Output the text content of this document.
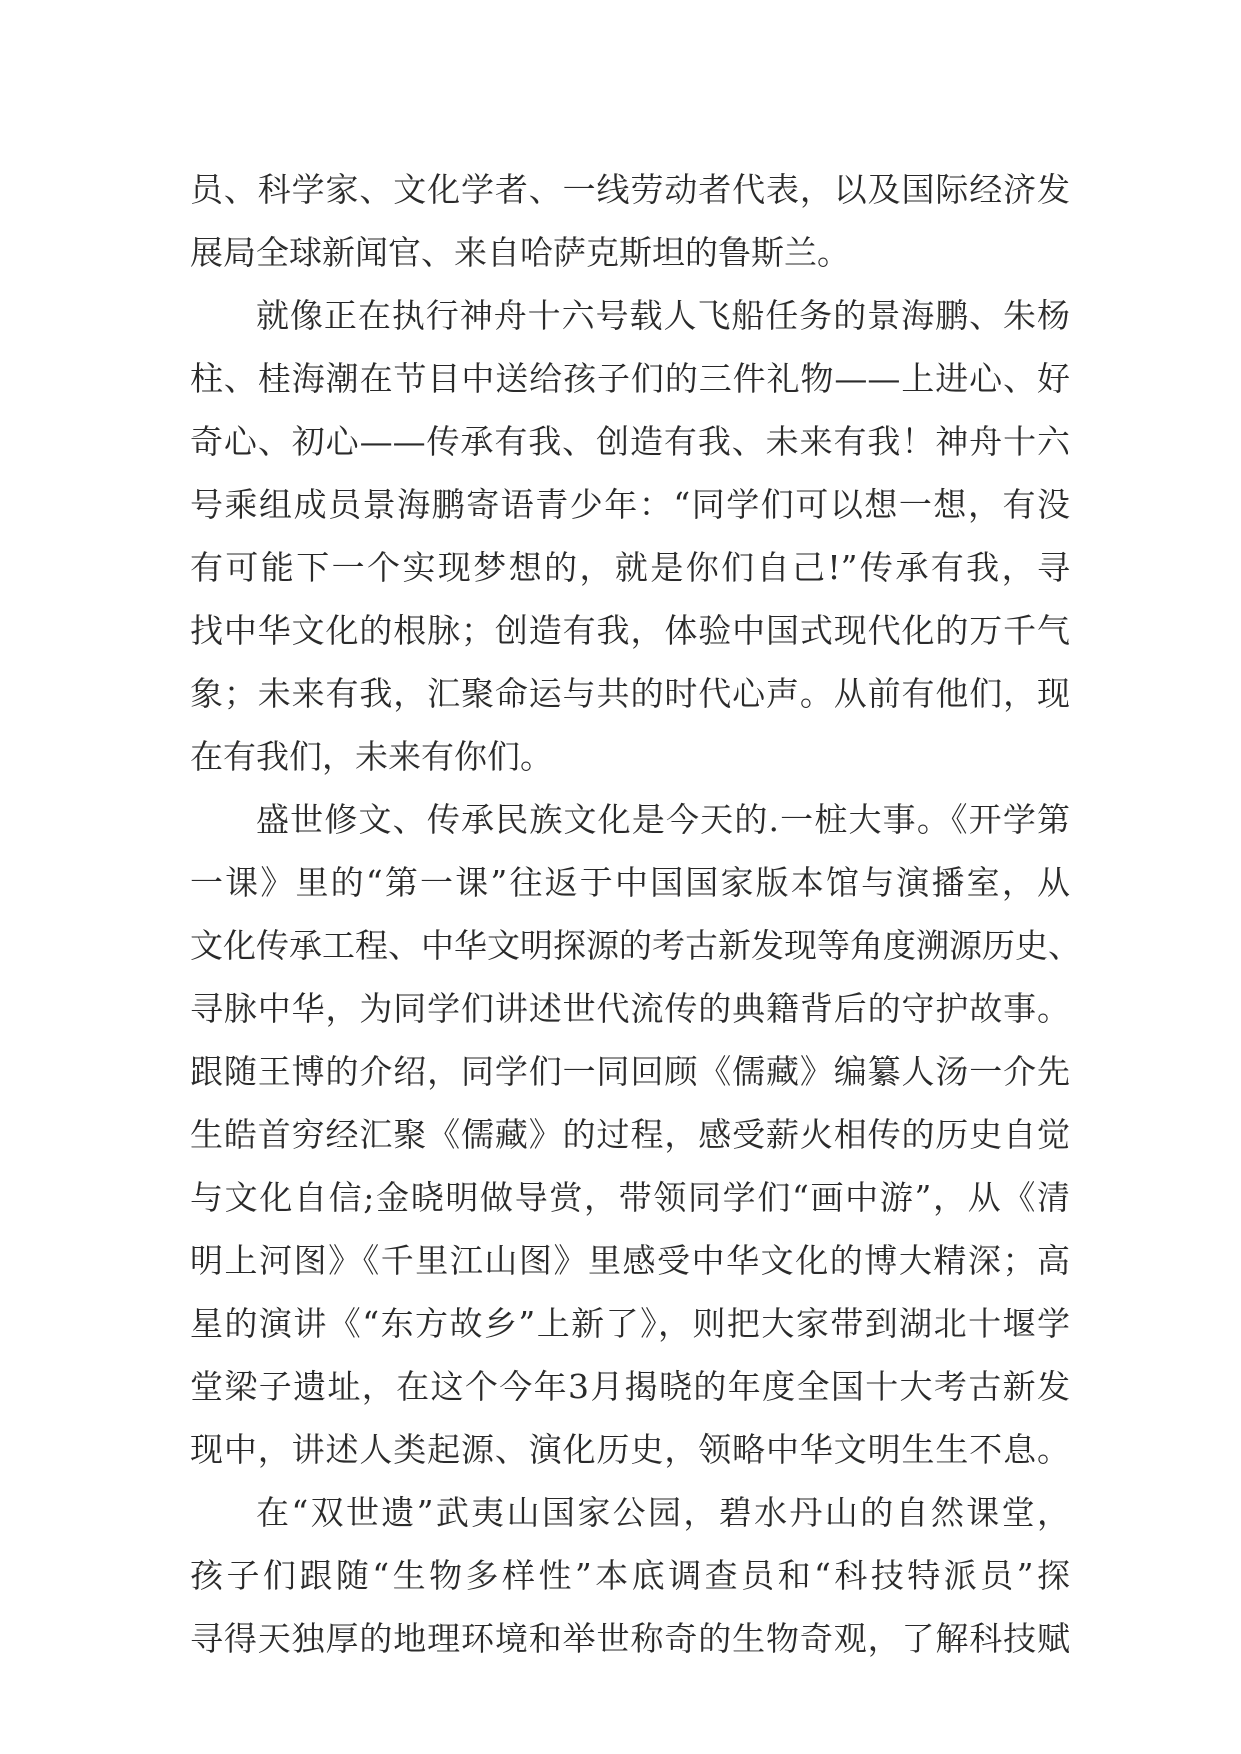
员、科学家、文化学者、一线劳动者代表，以及国际经济发
展局全球新闻官、来自哈萨克斯坦的鲁斯兰。
就像正在执行神舟十六号载人飞船任务的景海鹏、朱杨
柱、桂海潮在节目中送给孩子们的三件礼物——上进心、好
奇心、初心——传承有我、创造有我、未来有我！神舟十六
号乘组成员景海鹏寄语青少年：“同学们可以想一想，有没
有可能下一个实现梦想的，就是你们自己!”传承有我，寻
找中华文化的根脉；创造有我，体验中国式现代化的万千气
象；未来有我，汇聚命运与共的时代心声。从前有他们，现
在有我们，未来有你们。
盛世修文、传承民族文化是今天的.一桩大事。《开学第
一课》里的“第一课”往返于中国国家版本馆与演播室，从
文化传承工程、中华文明探源的考古新发现等角度溯源历史、
寻脉中华，为同学们讲述世代流传的典籍背后的守护故事。
跟随王博的介绍，同学们一同回顾《儒藏》编纂人汤一介先
生皓首穷经汇聚《儒藏》的过程，感受薪火相传的历史自觉
与文化自信;金晓明做导赏，带领同学们“画中游”，从《清
明上河图》《千里江山图》里感受中华文化的博大精深；高
星的演讲《“东方故乡”上新了》，则把大家带到湖北十堰学
堂梁子遗址，在这个今年3月揭晓的年度全国十大考古新发
现中，讲述人类起源、演化历史，领略中华文明生生不息。
在“双世遗”武夷山国家公园，碧水丹山的自然课堂，
孩子们跟随“生物多样性”本底调查员和“科技特派员”探
寻得天独厚的地理环境和举世称奇的生物奇观，了解科技赋
